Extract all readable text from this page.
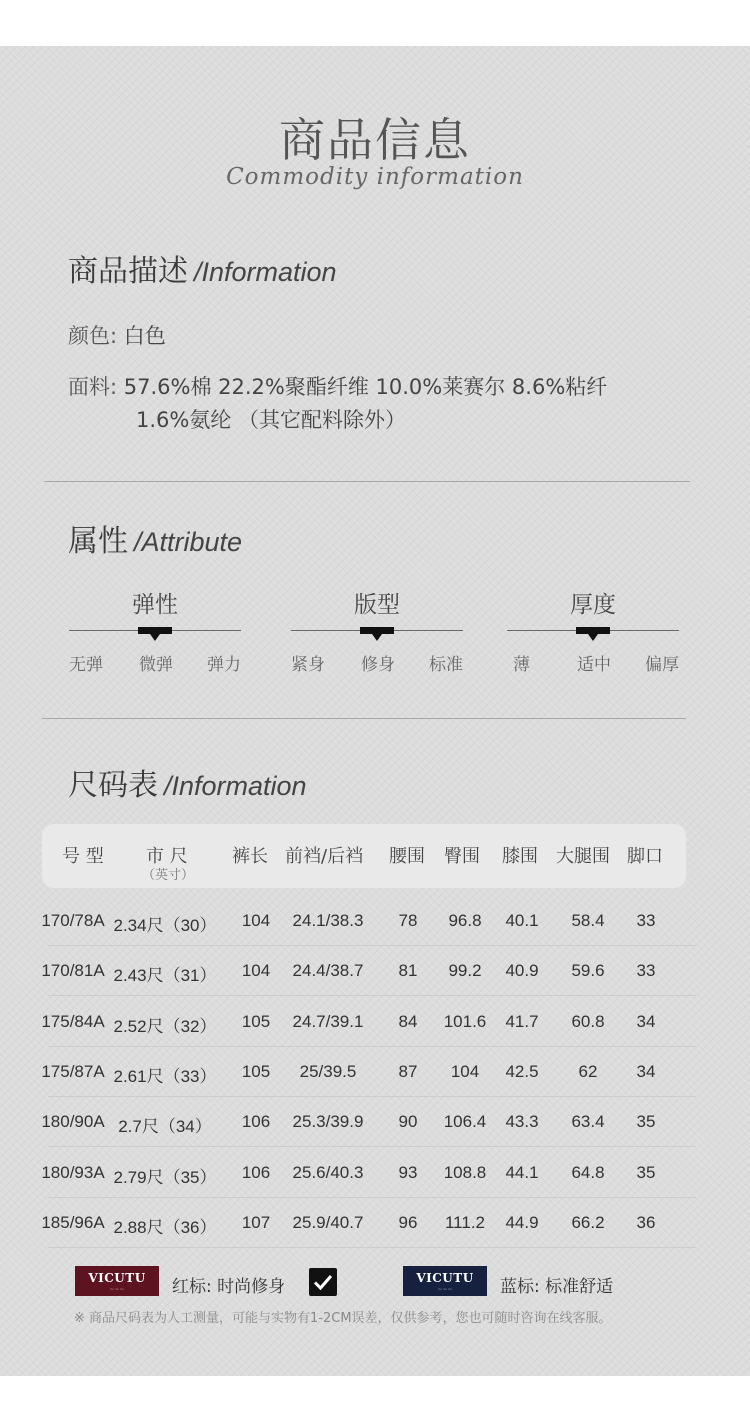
商品信息
Commodity information
商品描述 /Information
颜色: 白色
面料: 57.6%棉 22.2%聚酯纤维 10.0%莱赛尔 8.6%粘纤
1.6%氨纶 （其它配料除外）
属性 /Attribute
弹性
无弹 微弹 弹力
版型
紧身 修身 标准
厚度
薄	适中 偏厚
尺码表 /Information
号 型 市 尺
（英寸）
裤长 前裆/后裆 腰围 臀围 膝围 大腿围 脚口
170/78A 2.34尺（30）	104	24.1/38.3	78	96.8	40.1	58.4	33
170/81A 2.43尺（31）	104	24.4/38.7	81	99.2	40.9	59.6	33
175/84A 2.52尺（32）	105	24.7/39.1	84	101.6	41.7	60.8	34
175/87A 2.61尺（33）	105	25/39.5	87	104	42.5	62	34
180/90A 2.7尺（34）	106	25.3/39.9	90	106.4	43.3	63.4	35
180/93A 2.79尺（35）	106	25.6/40.3	93	108.8	44.1	64.8	35
185/96A 2.88尺（36）	107	25.9/40.7	96	111.2	44.9	66.2	36
VICUTU
~~~	红标: 时尚修身	VICUTU
~~~	蓝标: 标准舒适
※ 商品尺码表为人工测量，可能与实物有1-2CM误差，仅供参考，您也可随时咨询在线客服。
